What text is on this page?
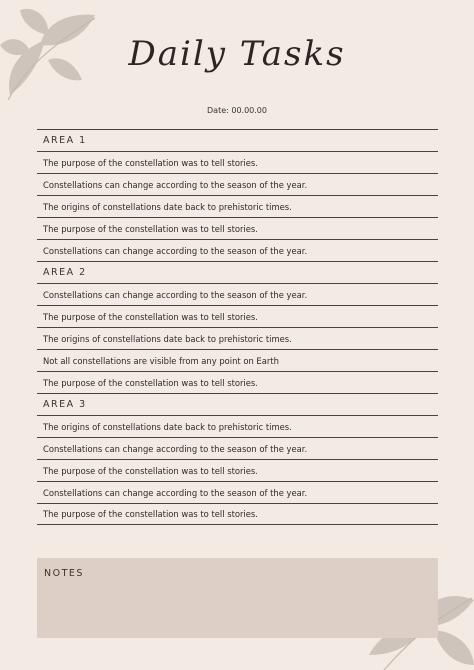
Daily Tasks
Date: 00.00.00
AREA 1
The purpose of the constellation was to tell stories.
Constellations can change according to the season of the year.
The origins of constellations date back to prehistoric times.
The purpose of the constellation was to tell stories.
Constellations can change according to the season of the year.
AREA 2
Constellations can change according to the season of the year.
The purpose of the constellation was to tell stories.
The origins of constellations date back to prehistoric times.
Not all constellations are visible from any point on Earth
The purpose of the constellation was to tell stories.
AREA 3
The origins of constellations date back to prehistoric times.
Constellations can change according to the season of the year.
The purpose of the constellation was to tell stories.
Constellations can change according to the season of the year.
The purpose of the constellation was to tell stories.
NOTES
